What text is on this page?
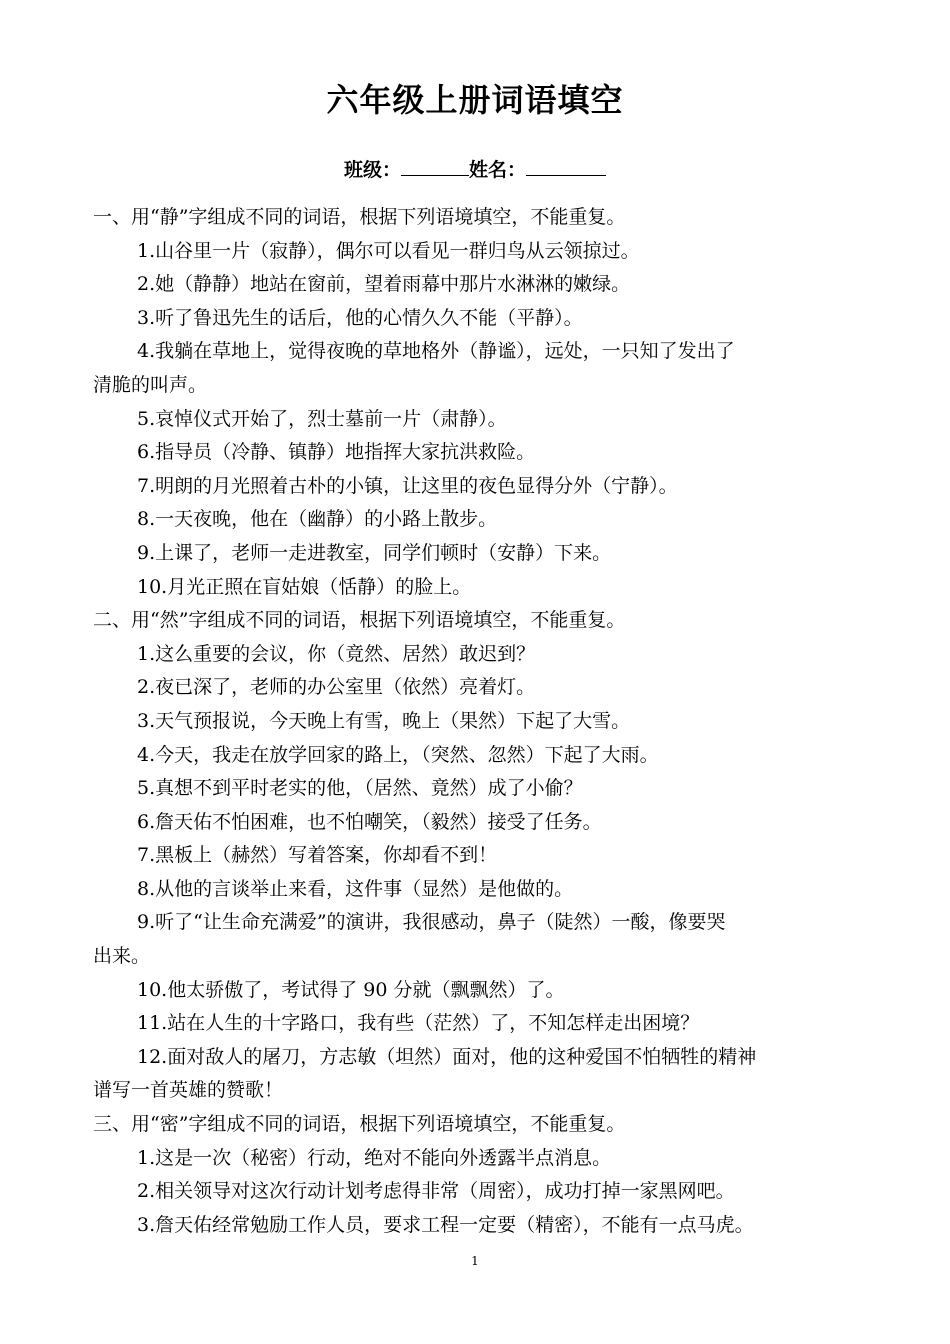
六年级上册词语填空
班级：	姓名：
一、用“静”字组成不同的词语，根据下列语境填空，不能重复。
1.山谷里一片（寂静），偶尔可以看见一群归鸟从云领掠过。
2.她（静静）地站在窗前，望着雨幕中那片水淋淋的嫩绿。
3.听了鲁迅先生的话后，他的心情久久不能（平静）。
4.我躺在草地上，觉得夜晚的草地格外（静谧），远处，一只知了发出了
清脆的叫声。
5.哀悼仪式开始了，烈士墓前一片（肃静）。
6.指导员（冷静、镇静）地指挥大家抗洪救险。
7.明朗的月光照着古朴的小镇，让这里的夜色显得分外（宁静）。
8.一天夜晚，他在（幽静）的小路上散步。
9.上课了，老师一走进教室，同学们顿时（安静）下来。
10.月光正照在盲姑娘（恬静）的脸上。
二、用“然”字组成不同的词语，根据下列语境填空，不能重复。
1.这么重要的会议，你（竟然、居然）敢迟到？
2.夜已深了，老师的办公室里（依然）亮着灯。
3.天气预报说，今天晚上有雪，晚上（果然）下起了大雪。
4.今天，我走在放学回家的路上，（突然、忽然）下起了大雨。
5.真想不到平时老实的他，（居然、竟然）成了小偷？
6.詹天佑不怕困难，也不怕嘲笑，（毅然）接受了任务。
7.黑板上（赫然）写着答案，你却看不到！
8.从他的言谈举止来看，这件事（显然）是他做的。
9.听了“让生命充满爱”的演讲，我很感动，鼻子（陡然）一酸，像要哭
出来。
10.他太骄傲了，考试得了 90 分就（飘飘然）了。
11.站在人生的十字路口，我有些（茫然）了，不知怎样走出困境？
12.面对敌人的屠刀，方志敏（坦然）面对，他的这种爱国不怕牺牲的精神
谱写一首英雄的赞歌！
三、用“密”字组成不同的词语，根据下列语境填空，不能重复。
1.这是一次（秘密）行动，绝对不能向外透露半点消息。
2.相关领导对这次行动计划考虑得非常（周密），成功打掉一家黑网吧。
3.詹天佑经常勉励工作人员，要求工程一定要（精密），不能有一点马虎。
1
